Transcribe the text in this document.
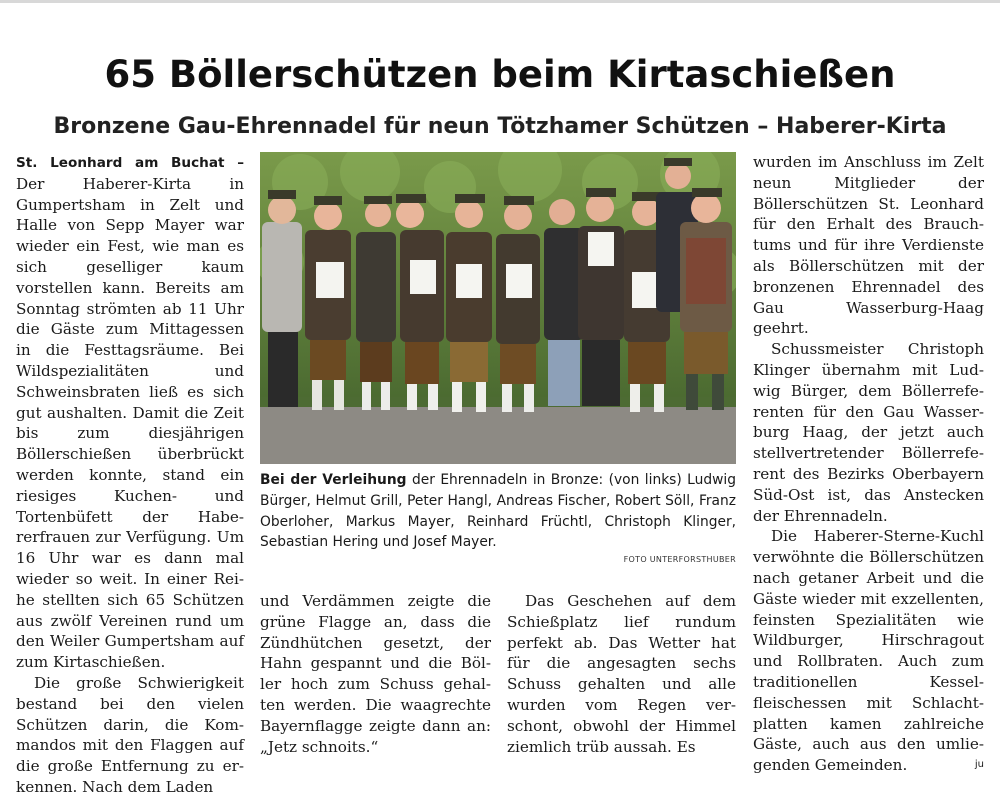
65 Böllerschützen beim Kirtaschießen
Bronzene Gau-Ehrennadel für neun Tötzhamer Schützen – Haberer-Kirta

St. Leonhard am Buchat – Der Haberer-Kirta in Gumpertsham in Zelt und Halle von Sepp Mayer war wieder ein Fest, wie man es sich geselliger kaum vorstellen kann. Bereits am Sonntag strömten ab 11 Uhr die Gäste zum Mittagessen in die Festtagsräume. Bei Wildspezialitäten und Schweinsbraten ließ es sich gut aushalten. Damit die Zeit bis zum diesjährigen Böllerschießen überbrückt werden konnte, stand ein riesiges Kuchen- und Tortenbüfett der Habererfrauen zur Verfügung. Um 16 Uhr war es dann mal wieder so weit. In einer Reihe stellten sich 65 Schützen aus zwölf Vereinen rund um den Weiler Gumpertsham auf zum Kirtaschießen.

Die große Schwierigkeit bestand bei den vielen Schützen darin, die Kommandos mit den Flaggen auf die große Entfernung zu erkennen. Nach dem Laden

Bei der Verleihung der Ehrennadeln in Bronze: (von links) Ludwig Bürger, Helmut Grill, Peter Hangl, Andreas Fischer, Robert Söll, Franz Oberloher, Markus Mayer, Reinhard Früchtl, Christoph Klinger, Sebastian Hering und Josef Mayer.

FOTO UNTERFORSTHUBER

und Verdämmen zeigte die grüne Flagge an, dass die Zündhütchen gesetzt, der Hahn gespannt und die Böller hoch zum Schuss gehalten werden. Die waagrechte Bayernflagge zeigte dann an: „Jetz schnoits.“

Das Geschehen auf dem Schießplatz lief rundum perfekt ab. Das Wetter hat für die angesagten sechs Schuss gehalten und alle wurden vom Regen verschont, obwohl der Himmel ziemlich trüb aussah. Es

wurden im Anschluss im Zelt neun Mitglieder der Böllerschützen St. Leonhard für den Erhalt des Brauchtums und für ihre Verdienste als Böllerschützen mit der bronzenen Ehrennadel des Gau Wasserburg-Haag geehrt.

Schussmeister Christoph Klinger übernahm mit Ludwig Bürger, dem Böllerreferenten für den Gau Wasserburg Haag, der jetzt auch stellvertretender Böllerreferent des Bezirks Oberbayern Süd-Ost ist, das Anstecken der Ehrennadeln.

Die Haberer-Sterne-Kuchl verwöhnte die Böllerschützen nach getaner Arbeit und die Gäste wieder mit exzellenten, feinsten Spezialitäten wie Wildburger, Hirschragout und Rollbraten. Auch zum traditionellen Kesselfleischessen mit Schlachtplatten kamen zahlreiche Gäste, auch aus den umliegenden Gemeinden.	ju
